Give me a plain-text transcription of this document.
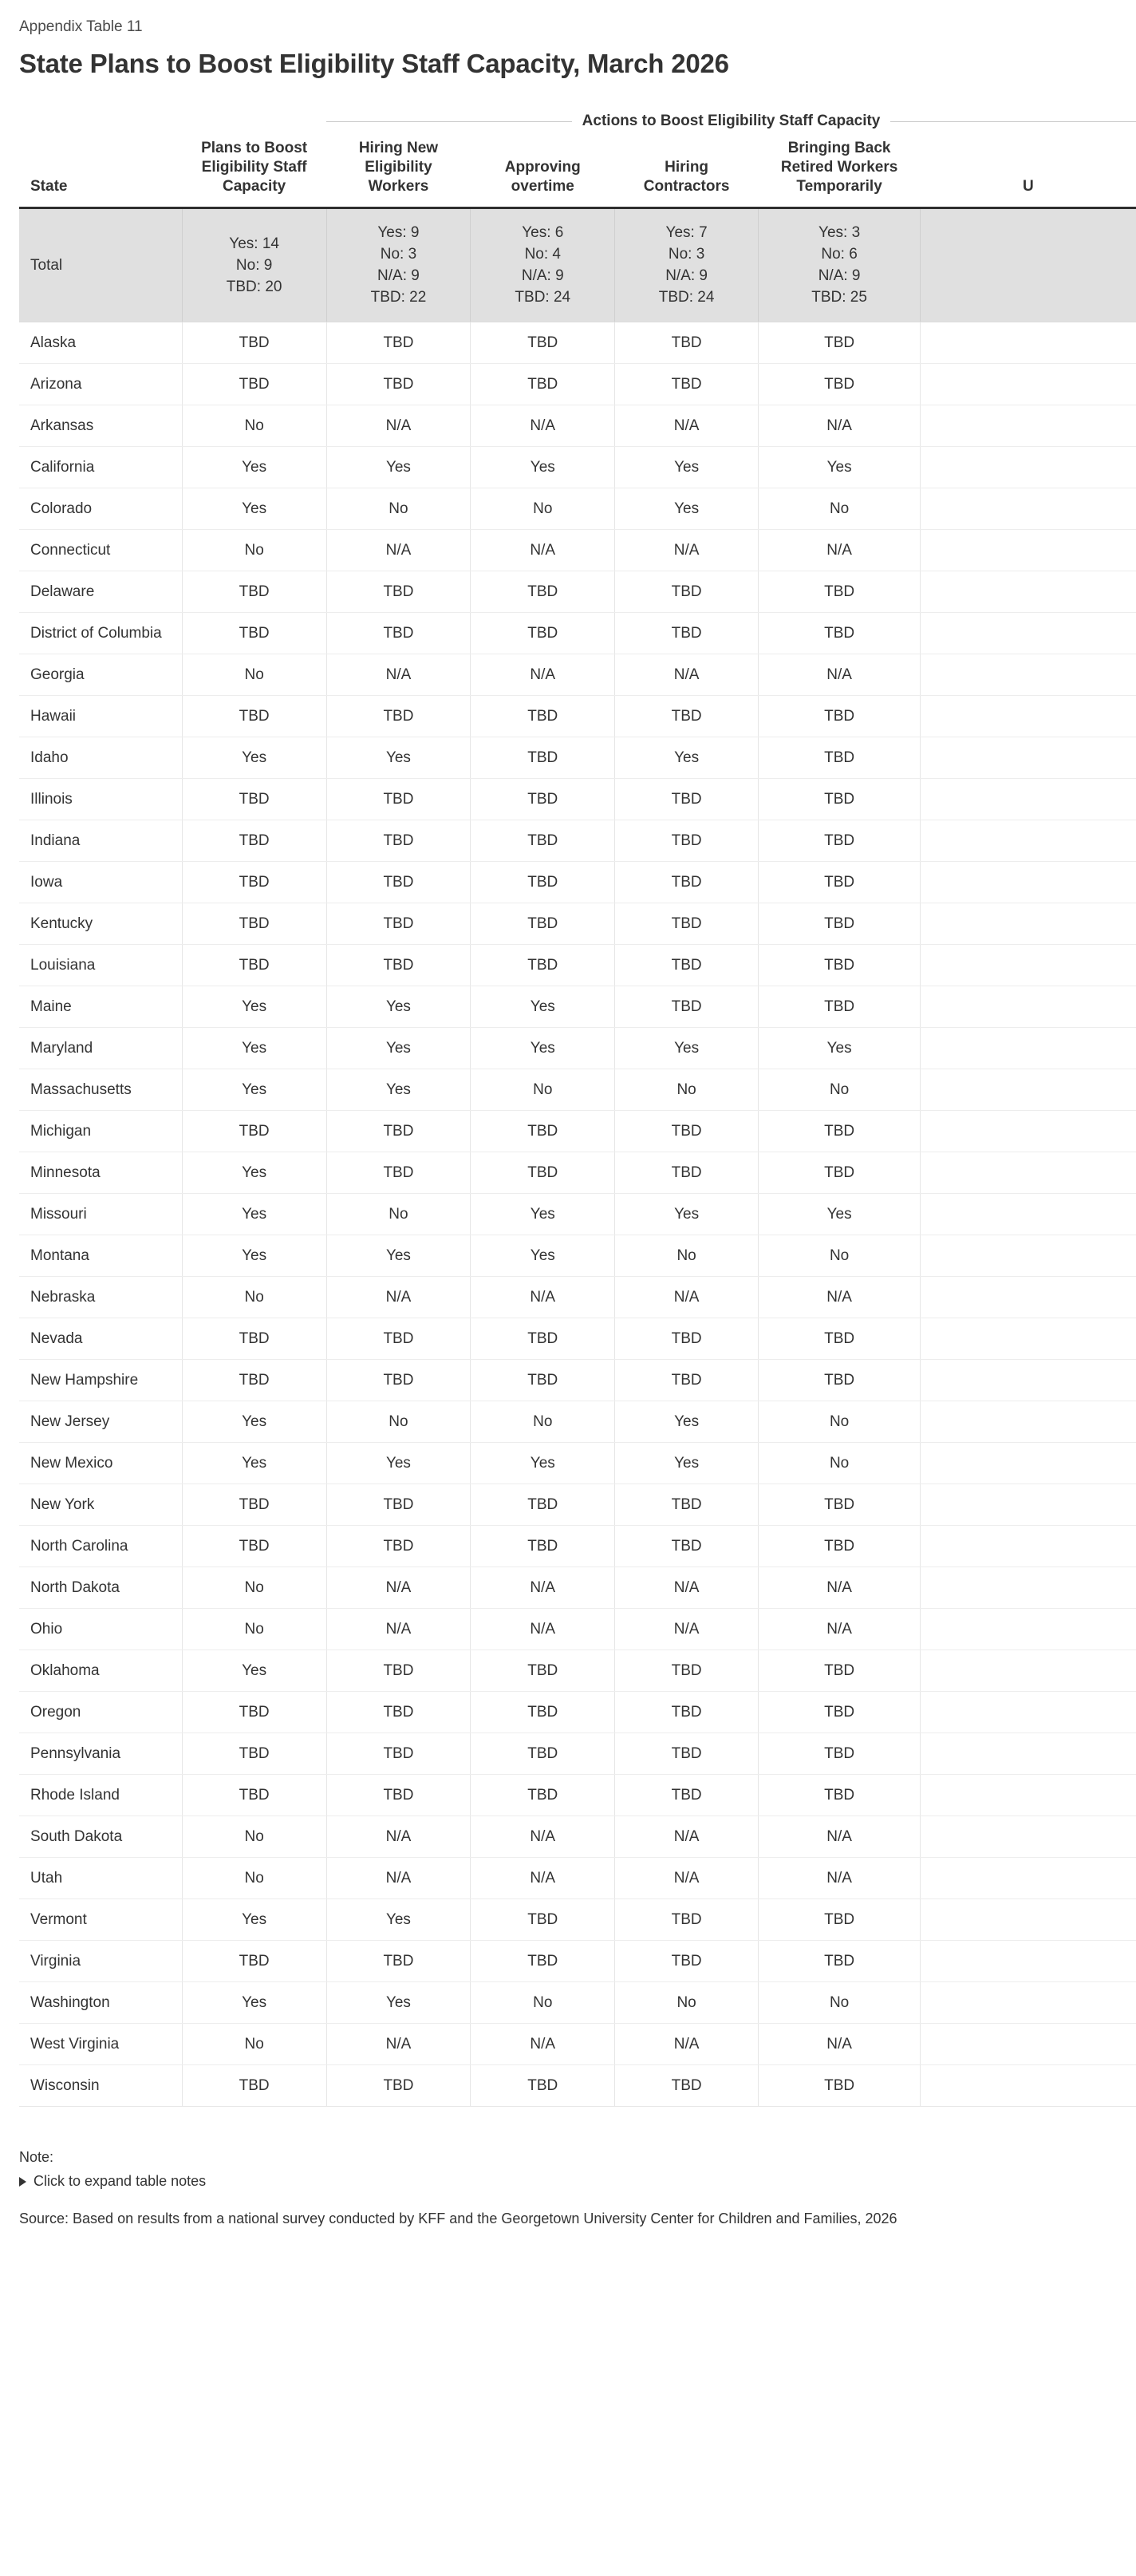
Appendix Table 11
State Plans to Boost Eligibility Staff Capacity, March 2026

		Actions to Boost Eligibility Staff Capacity				

State	Plans to Boost Eligibility Staff Capacity	Hiring New Eligibility Workers	Approving overtime	Hiring Contractors	Bringing Back Retired Workers Temporarily	U
Total	Yes: 14
No: 9
TBD: 20	Yes: 9
No: 3
N/A: 9
TBD: 22	Yes: 6
No: 4
N/A: 9
TBD: 24	Yes: 7
No: 3
N/A: 9
TBD: 24	Yes: 3
No: 6
N/A: 9
TBD: 25	

Alaska	TBD	TBD	TBD	TBD	TBD	
Arizona	TBD	TBD	TBD	TBD	TBD	
Arkansas	No	N/A	N/A	N/A	N/A	
California	Yes	Yes	Yes	Yes	Yes	
Colorado	Yes	No	No	Yes	No	
Connecticut	No	N/A	N/A	N/A	N/A	
Delaware	TBD	TBD	TBD	TBD	TBD	
District of Columbia	TBD	TBD	TBD	TBD	TBD	
Georgia	No	N/A	N/A	N/A	N/A	
Hawaii	TBD	TBD	TBD	TBD	TBD	
Idaho	Yes	Yes	TBD	Yes	TBD	
Illinois	TBD	TBD	TBD	TBD	TBD	
Indiana	TBD	TBD	TBD	TBD	TBD	
Iowa	TBD	TBD	TBD	TBD	TBD	
Kentucky	TBD	TBD	TBD	TBD	TBD	
Louisiana	TBD	TBD	TBD	TBD	TBD	
Maine	Yes	Yes	Yes	TBD	TBD	
Maryland	Yes	Yes	Yes	Yes	Yes	
Massachusetts	Yes	Yes	No	No	No	
Michigan	TBD	TBD	TBD	TBD	TBD	
Minnesota	Yes	TBD	TBD	TBD	TBD	
Missouri	Yes	No	Yes	Yes	Yes	
Montana	Yes	Yes	Yes	No	No	
Nebraska	No	N/A	N/A	N/A	N/A	
Nevada	TBD	TBD	TBD	TBD	TBD	
New Hampshire	TBD	TBD	TBD	TBD	TBD	
New Jersey	Yes	No	No	Yes	No	
New Mexico	Yes	Yes	Yes	Yes	No	
New York	TBD	TBD	TBD	TBD	TBD	
North Carolina	TBD	TBD	TBD	TBD	TBD	
North Dakota	No	N/A	N/A	N/A	N/A	
Ohio	No	N/A	N/A	N/A	N/A	
Oklahoma	Yes	TBD	TBD	TBD	TBD	
Oregon	TBD	TBD	TBD	TBD	TBD	
Pennsylvania	TBD	TBD	TBD	TBD	TBD	
Rhode Island	TBD	TBD	TBD	TBD	TBD	
South Dakota	No	N/A	N/A	N/A	N/A	
Utah	No	N/A	N/A	N/A	N/A	
Vermont	Yes	Yes	TBD	TBD	TBD	
Virginia	TBD	TBD	TBD	TBD	TBD	
Washington	Yes	Yes	No	No	No	
West Virginia	No	N/A	N/A	N/A	N/A	
Wisconsin	TBD	TBD	TBD	TBD	TBD	
Note:
Click to expand table notes

Source: Based on results from a national survey conducted by KFF and the Georgetown University Center for Children and Families, 2026
